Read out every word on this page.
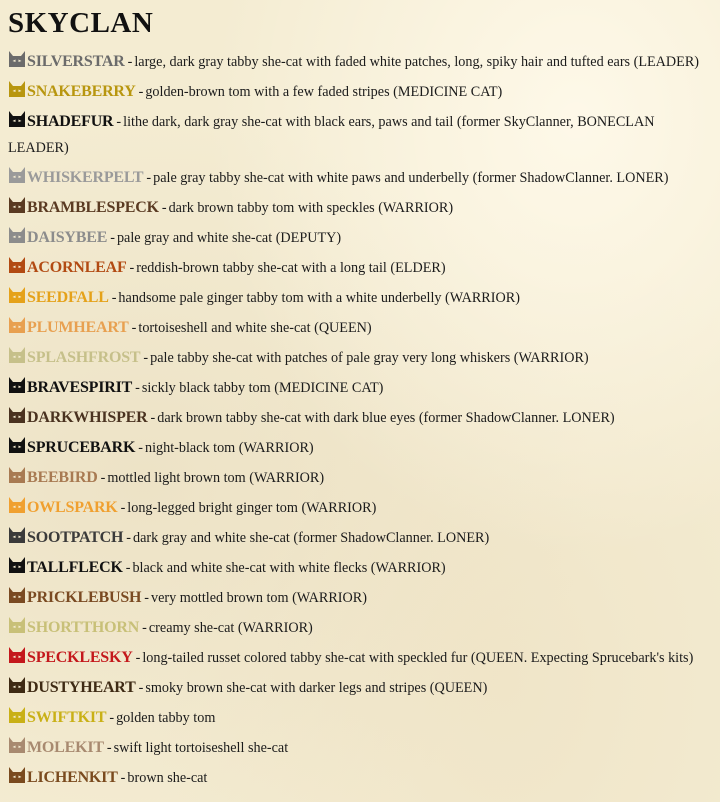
SKYCLAN
SILVERSTAR - large, dark gray tabby she-cat with faded white patches, long, spiky hair and tufted ears (LEADER)
SNAKEBERRY - golden-brown tom with a few faded stripes (MEDICINE CAT)
SHADEFUR - lithe dark, dark gray she-cat with black ears, paws and tail (former SkyClanner, BONECLAN LEADER)
WHISKERPELT - pale gray tabby she-cat with white paws and underbelly (former ShadowClanner. LONER)
BRAMBLESPECK - dark brown tabby tom with speckles (WARRIOR)
DAISYBEE - pale gray and white she-cat (DEPUTY)
ACORNLEAF - reddish-brown tabby she-cat with a long tail (ELDER)
SEEDFALL - handsome pale ginger tabby tom with a white underbelly (WARRIOR)
PLUMHEART - tortoiseshell and white she-cat (QUEEN)
SPLASHFROST - pale tabby she-cat with patches of pale gray very long whiskers (WARRIOR)
BRAVESPIRIT - sickly black tabby tom (MEDICINE CAT)
DARKWHISPER - dark brown tabby she-cat with dark blue eyes (former ShadowClanner. LONER)
SPRUCEBARK - night-black tom (WARRIOR)
BEEBIRD - mottled light brown tom (WARRIOR)
OWLSPARK - long-legged bright ginger tom (WARRIOR)
SOOTPATCH - dark gray and white she-cat (former ShadowClanner. LONER)
TALLFLECK - black and white she-cat with white flecks (WARRIOR)
PRICKLEBUSH - very mottled brown tom (WARRIOR)
SHORTTHORN - creamy she-cat (WARRIOR)
SPECKLESKY - long-tailed russet colored tabby she-cat with speckled fur (QUEEN. Expecting Sprucebark's kits)
DUSTYHEART - smoky brown she-cat with darker legs and stripes (QUEEN)
SWIFTKIT - golden tabby tom
MOLEKIT - swift light tortoiseshell she-cat
LICHENKIT - brown she-cat
